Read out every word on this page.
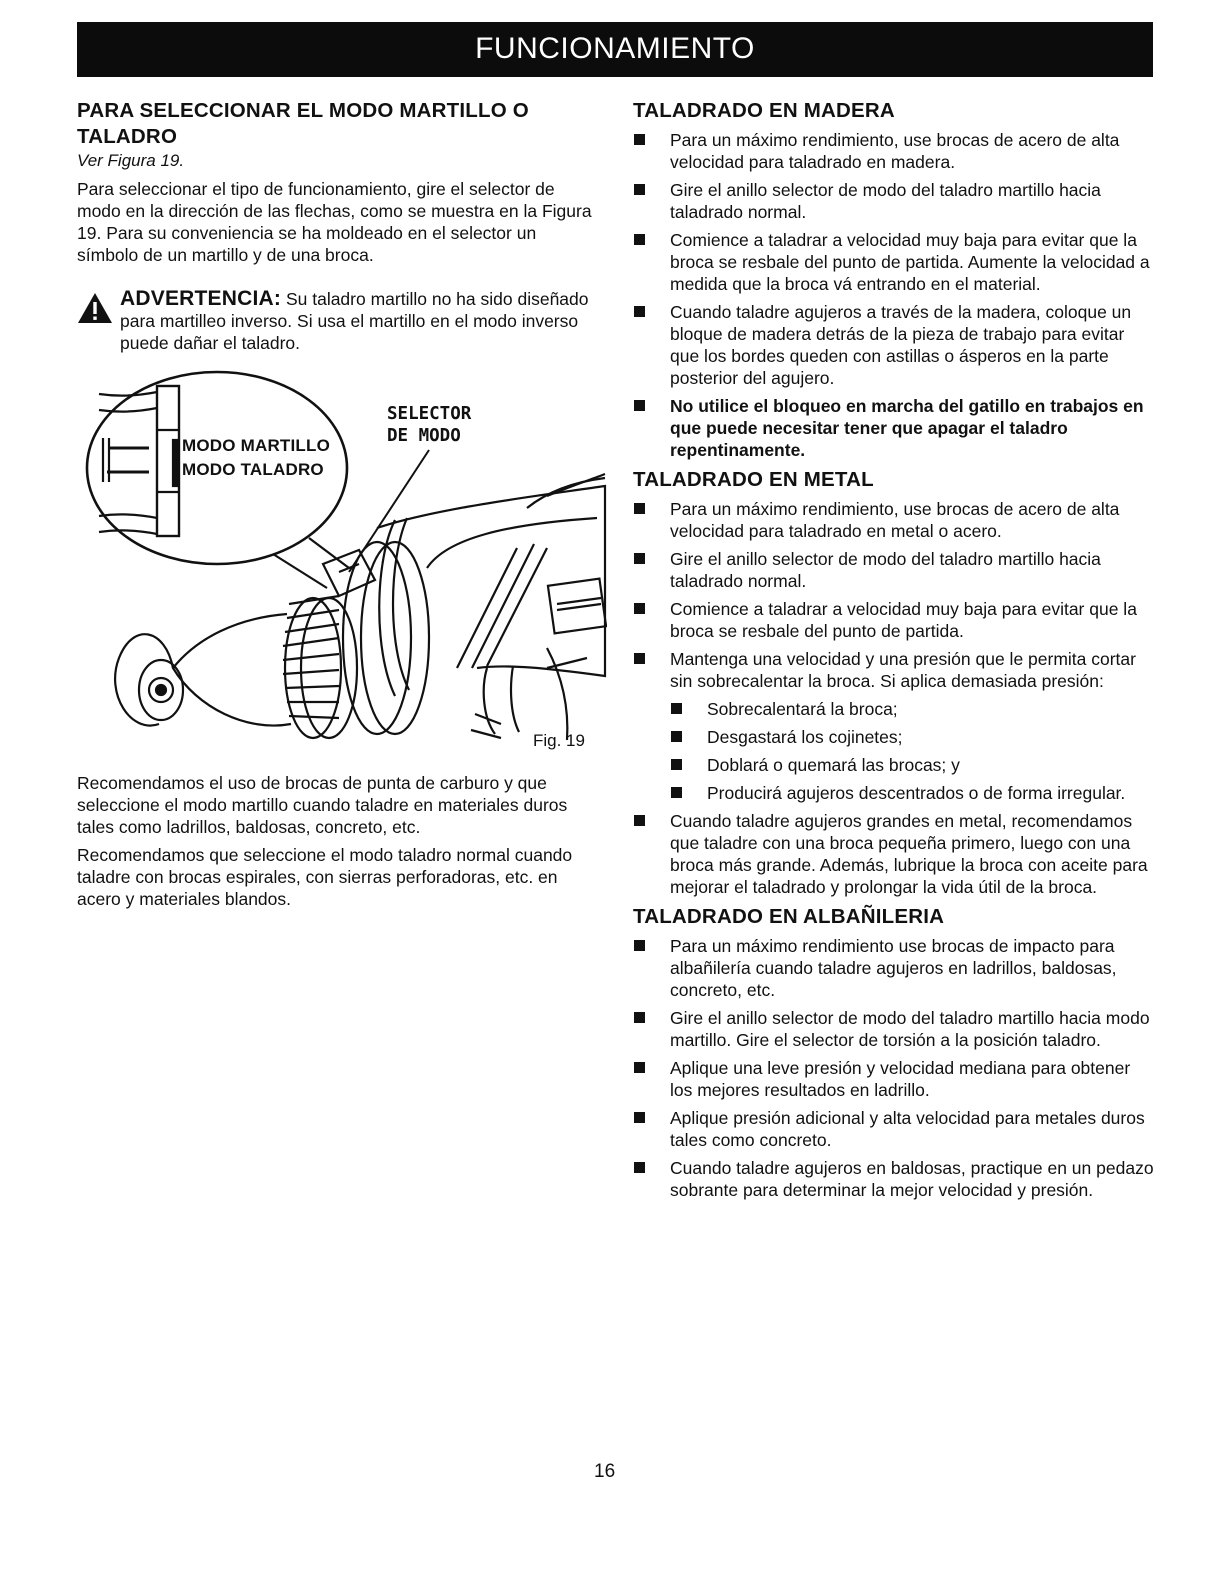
FUNCIONAMIENTO
PARA SELECCIONAR EL MODO MARTILLO O TALADRO
Ver Figura 19.

Para seleccionar el tipo de funcionamiento, gire el selector de modo en la dirección de las flechas, como se muestra en la Figura 19. Para su conveniencia se ha moldeado en el selector un símbolo de un martillo y de una broca.

ADVERTENCIA: Su taladro martillo no ha sido diseñado para martilleo inverso. Si usa el martillo en el modo inverso puede dañar el taladro.
MODO MARTILLO
MODO TALADRO
SELECTOR
DE MODO
Fig. 19

Recomendamos el uso de brocas de punta de carburo y que seleccione el modo martillo cuando taladre en materiales duros tales como ladrillos, baldosas, concreto, etc.

Recomendamos que seleccione el modo taladro normal cuando taladre con brocas espirales, con sierras perforadoras, etc. en acero y materiales blandos.

TALADRADO EN MADERA
Para un máximo rendimiento, use brocas de acero de alta velocidad para taladrado en madera.
Gire el anillo selector de modo del taladro martillo hacia taladrado normal.
Comience a taladrar a velocidad muy baja para evitar que la broca se resbale del punto de partida. Aumente la velocidad a medida que la broca vá entrando en el material.
Cuando taladre agujeros a través de la madera, coloque un bloque de madera detrás de la pieza de trabajo para evitar que los bordes queden con astillas o ásperos en la parte posterior del agujero.
No utilice el bloqueo en marcha del gatillo en trabajos en que puede necesitar tener que apagar el taladro repentinamente.
TALADRADO EN METAL
Para un máximo rendimiento, use brocas de acero de alta velocidad para taladrado en metal o acero.
Gire el anillo selector de modo del taladro martillo hacia taladrado normal.
Comience a taladrar a velocidad muy baja para evitar que la broca se resbale del punto de partida.
Mantenga una velocidad y una presión que le permita cortar sin sobrecalentar la broca. Si aplica demasiada presión:
Sobrecalentará la broca;
Desgastará los cojinetes;
Doblará o quemará las brocas; y
Producirá agujeros descentrados o de forma irregular.
Cuando taladre agujeros grandes en metal, recomendamos que taladre con una broca pequeña primero, luego con una broca más grande. Además, lubrique la broca con aceite para mejorar el taladrado y prolongar la vida útil de la broca.
TALADRADO EN ALBAÑILERIA
Para un máximo rendimiento use brocas de impacto para albañilería cuando taladre agujeros en ladrillos, baldosas, concreto, etc.
Gire el anillo selector de modo del taladro martillo hacia modo martillo. Gire el selector de torsión a la posición taladro.
Aplique una leve presión y velocidad mediana para obtener los mejores resultados en ladrillo.
Aplique presión adicional y alta velocidad para metales duros tales como concreto.
Cuando taladre agujeros en baldosas, practique en un pedazo sobrante para determinar la mejor velocidad y presión.
16
